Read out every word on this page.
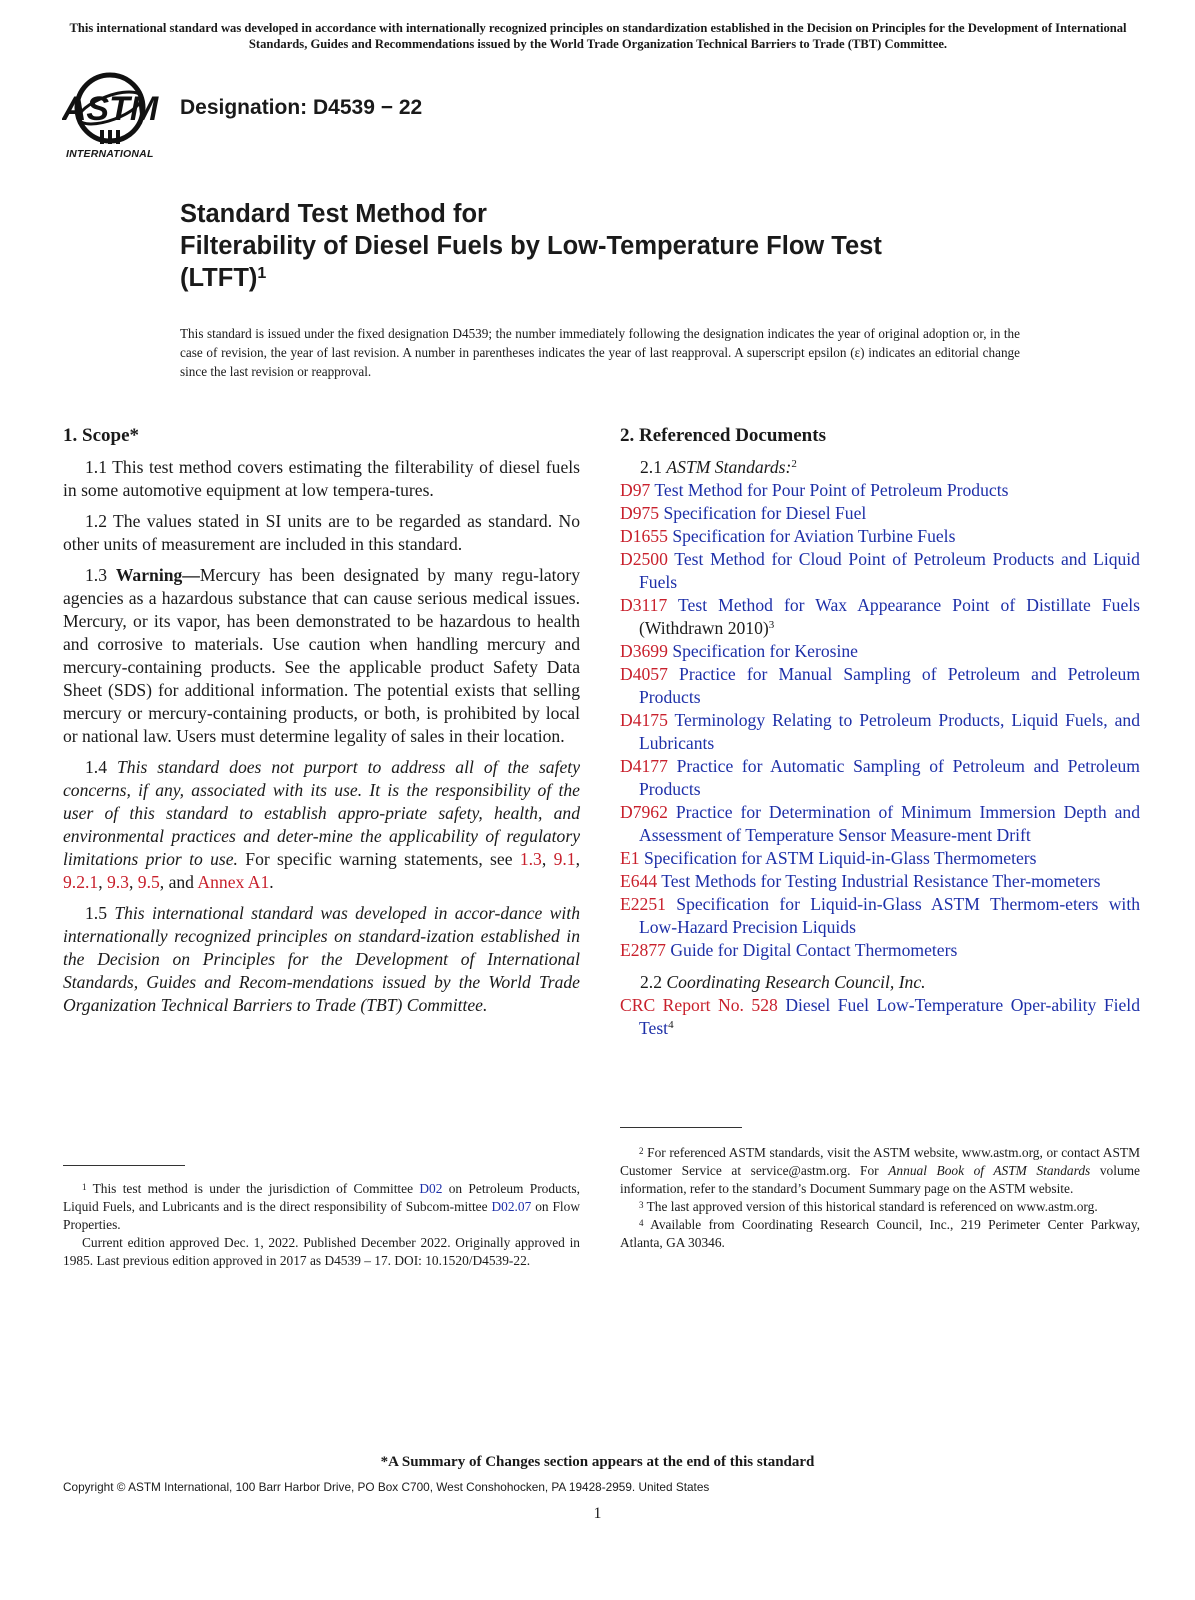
This international standard was developed in accordance with internationally recognized principles on standardization established in the Decision on Principles for the Development of International Standards, Guides and Recommendations issued by the World Trade Organization Technical Barriers to Trade (TBT) Committee.
ASTM
INTERNATIONAL
Designation: D4539 − 22
Standard Test Method for
Filterability of Diesel Fuels by Low-Temperature Flow Test
(LTFT)$^1$
This standard is issued under the fixed designation D4539; the number immediately following the designation indicates the year of original adoption or, in the case of revision, the year of last revision. A number in parentheses indicates the year of last reapproval. A superscript epsilon (ε) indicates an editorial change since the last revision or reapproval.
1. Scope*

1.1 This test method covers estimating the filterability of diesel fuels in some automotive equipment at low tempera-tures.

1.2 The values stated in SI units are to be regarded as standard. No other units of measurement are included in this standard.

1.3 Warning—Mercury has been designated by many regu-latory agencies as a hazardous substance that can cause serious medical issues. Mercury, or its vapor, has been demonstrated to be hazardous to health and corrosive to materials. Use caution when handling mercury and mercury-containing products. See the applicable product Safety Data Sheet (SDS) for additional information. The potential exists that selling mercury or mercury-containing products, or both, is prohibited by local or national law. Users must determine legality of sales in their location.

1.4 This standard does not purport to address all of the safety concerns, if any, associated with its use. It is the responsibility of the user of this standard to establish appro-priate safety, health, and environmental practices and deter-mine the applicability of regulatory limitations prior to use. For specific warning statements, see 1.3, 9.1, 9.2.1, 9.3, 9.5, and Annex A1.

1.5 This international standard was developed in accor-dance with internationally recognized principles on standard-ization established in the Decision on Principles for the Development of International Standards, Guides and Recom-mendations issued by the World Trade Organization Technical Barriers to Trade (TBT) Committee.

2. Referenced Documents

2.1 ASTM Standards:$^2$

D97 Test Method for Pour Point of Petroleum Products
D975 Specification for Diesel Fuel
D1655 Specification for Aviation Turbine Fuels
D2500 Test Method for Cloud Point of Petroleum Products and Liquid Fuels
D3117 Test Method for Wax Appearance Point of Distillate Fuels (Withdrawn 2010)$^3$
D3699 Specification for Kerosine
D4057 Practice for Manual Sampling of Petroleum and Petroleum Products
D4175 Terminology Relating to Petroleum Products, Liquid Fuels, and Lubricants
D4177 Practice for Automatic Sampling of Petroleum and Petroleum Products
D7962 Practice for Determination of Minimum Immersion Depth and Assessment of Temperature Sensor Measure-ment Drift
E1 Specification for ASTM Liquid-in-Glass Thermometers
E644 Test Methods for Testing Industrial Resistance Ther-mometers
E2251 Specification for Liquid-in-Glass ASTM Thermom-eters with Low-Hazard Precision Liquids
E2877 Guide for Digital Contact Thermometers

2.2 Coordinating Research Council, Inc.

CRC Report No. 528 Diesel Fuel Low-Temperature Oper-ability Field Test$^4$

$^1$ This test method is under the jurisdiction of Committee D02 on Petroleum Products, Liquid Fuels, and Lubricants and is the direct responsibility of Subcom-mittee D02.07 on Flow Properties.

Current edition approved Dec. 1, 2022. Published December 2022. Originally approved in 1985. Last previous edition approved in 2017 as D4539 – 17. DOI: 10.1520/D4539-22.

$^2$ For referenced ASTM standards, visit the ASTM website, www.astm.org, or contact ASTM Customer Service at service@astm.org. For Annual Book of ASTM Standards volume information, refer to the standard’s Document Summary page on the ASTM website.

$^3$ The last approved version of this historical standard is referenced on www.astm.org.

$^4$ Available from Coordinating Research Council, Inc., 219 Perimeter Center Parkway, Atlanta, GA 30346.

*A Summary of Changes section appears at the end of this standard
Copyright © ASTM International, 100 Barr Harbor Drive, PO Box C700, West Conshohocken, PA 19428-2959. United States
1
